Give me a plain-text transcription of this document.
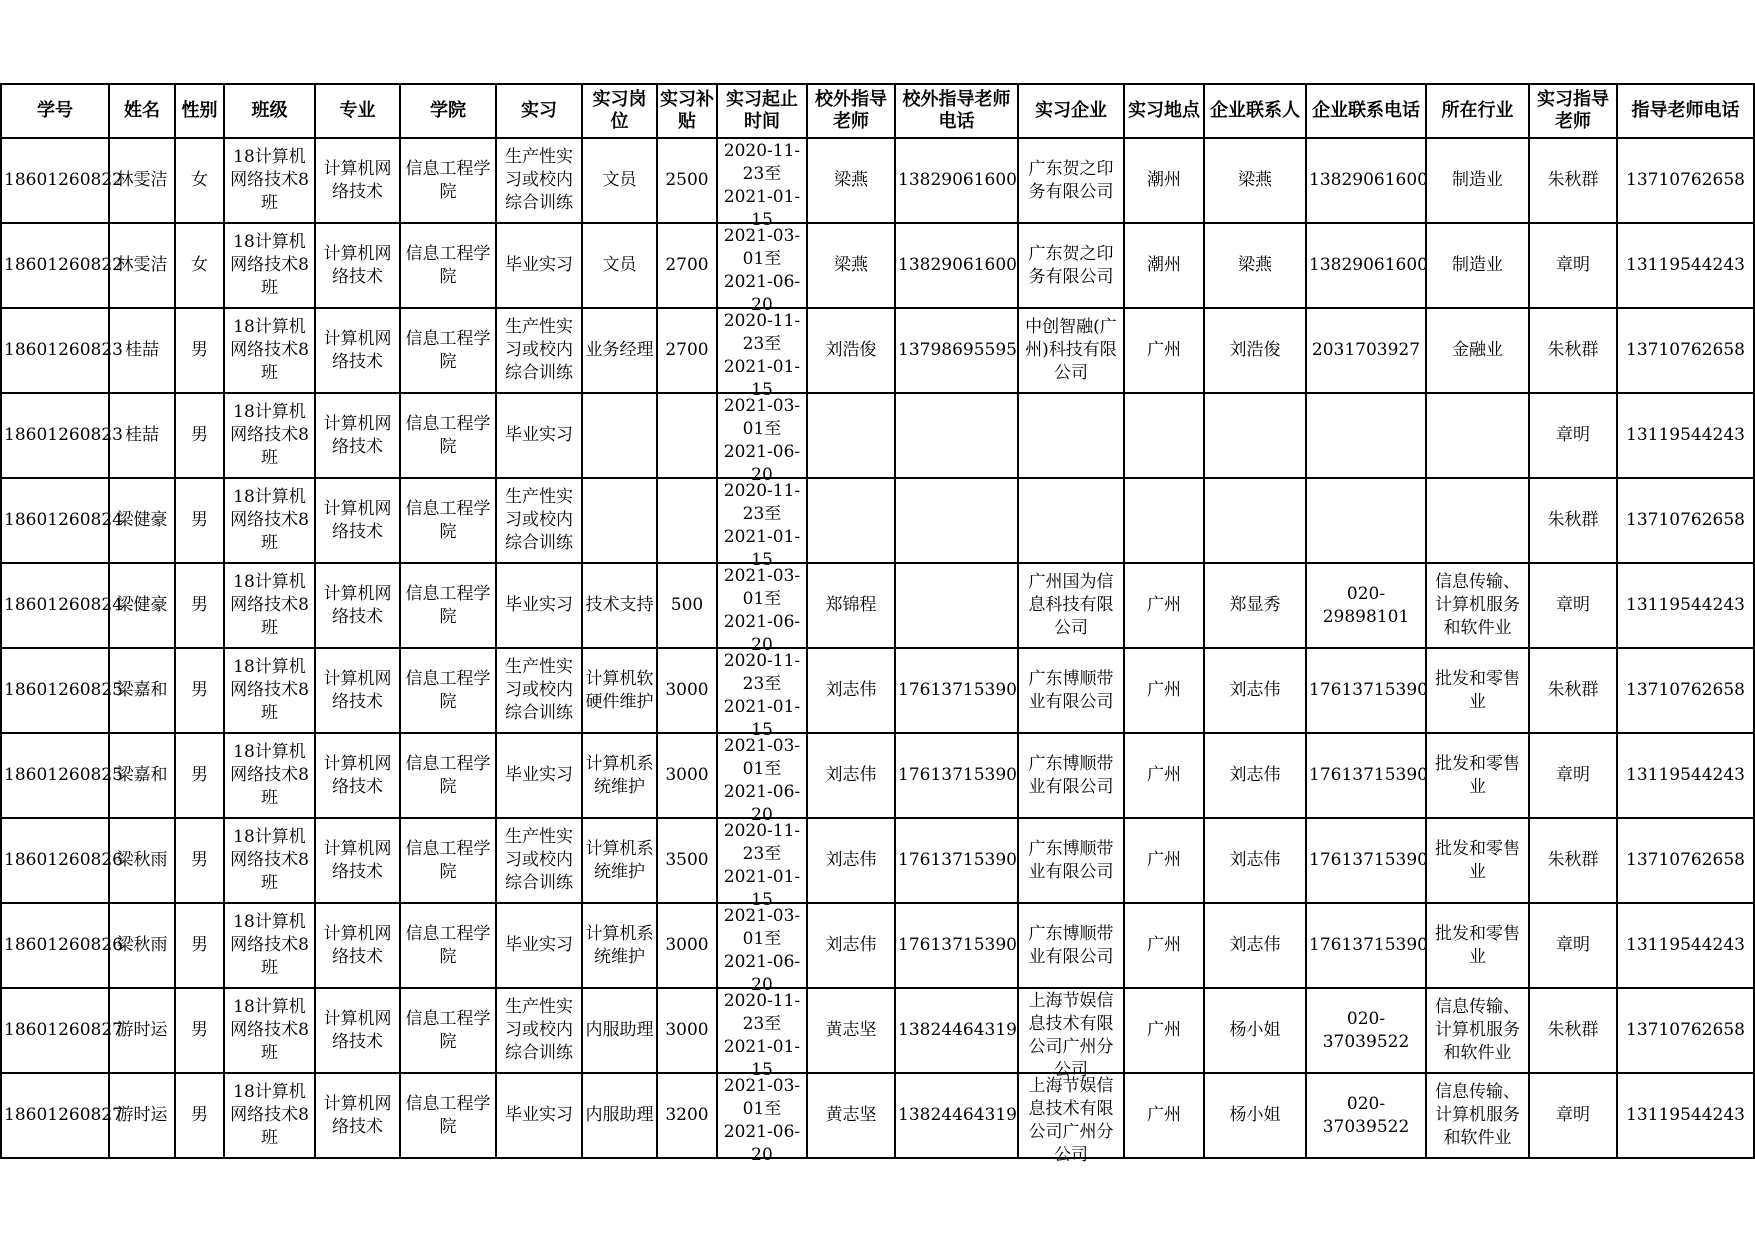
学号	姓名	性别	班级	专业	学院	实习	实习岗位	实习补贴	实习起止时间	校外指导老师	校外指导老师电话	实习企业	实习地点	企业联系人	企业联系电话	所在行业	实习指导老师	指导老师电话

18601260822	林雯洁	女	18计算机网络技术8班	计算机网络技术	信息工程学院	生产性实习或校内综合训练	文员	2500	2020-11-23至2021-01-15	梁燕	13829061600	广东贺之印务有限公司	潮州	梁燕	13829061600	制造业	朱秋群	13710762658

18601260822	林雯洁	女	18计算机网络技术8班	计算机网络技术	信息工程学院	毕业实习	文员	2700	2021-03-01至2021-06-20	梁燕	13829061600	广东贺之印务有限公司	潮州	梁燕	13829061600	制造业	章明	13119544243

18601260823	桂喆	男	18计算机网络技术8班	计算机网络技术	信息工程学院	生产性实习或校内综合训练	业务经理	2700	2020-11-23至2021-01-15	刘浩俊	13798695595	中创智融(广州)科技有限公司	广州	刘浩俊	2031703927	金融业	朱秋群	13710762658

18601260823	桂喆	男	18计算机网络技术8班	计算机网络技术	信息工程学院	毕业实习			2021-03-01至2021-06-20								章明	13119544243

18601260824	梁健豪	男	18计算机网络技术8班	计算机网络技术	信息工程学院	生产性实习或校内综合训练			2020-11-23至2021-01-15								朱秋群	13710762658

18601260824	梁健豪	男	18计算机网络技术8班	计算机网络技术	信息工程学院	毕业实习	技术支持	500	2021-03-01至2021-06-20	郑锦程		广州国为信息科技有限公司	广州	郑显秀	020-29898101	信息传输、计算机服务和软件业	章明	13119544243

18601260825	梁嘉和	男	18计算机网络技术8班	计算机网络技术	信息工程学院	生产性实习或校内综合训练	计算机软硬件维护	3000	2020-11-23至2021-01-15	刘志伟	17613715390	广东博顺带业有限公司	广州	刘志伟	17613715390	批发和零售业	朱秋群	13710762658

18601260825	梁嘉和	男	18计算机网络技术8班	计算机网络技术	信息工程学院	毕业实习	计算机系统维护	3000	2021-03-01至2021-06-20	刘志伟	17613715390	广东博顺带业有限公司	广州	刘志伟	17613715390	批发和零售业	章明	13119544243

18601260826	梁秋雨	男	18计算机网络技术8班	计算机网络技术	信息工程学院	生产性实习或校内综合训练	计算机系统维护	3500	2020-11-23至2021-01-15	刘志伟	17613715390	广东博顺带业有限公司	广州	刘志伟	17613715390	批发和零售业	朱秋群	13710762658

18601260826	梁秋雨	男	18计算机网络技术8班	计算机网络技术	信息工程学院	毕业实习	计算机系统维护	3000	2021-03-01至2021-06-20	刘志伟	17613715390	广东博顺带业有限公司	广州	刘志伟	17613715390	批发和零售业	章明	13119544243

18601260827	游时运	男	18计算机网络技术8班	计算机网络技术	信息工程学院	生产性实习或校内综合训练	内服助理	3000	2020-11-23至2021-01-15	黄志坚	13824464319	上海节娱信息技术有限公司广州分公司	广州	杨小姐	020-37039522	信息传输、计算机服务和软件业	朱秋群	13710762658

18601260827	游时运	男	18计算机网络技术8班	计算机网络技术	信息工程学院	毕业实习	内服助理	3200	2021-03-01至2021-06-20	黄志坚	13824464319	上海节娱信息技术有限公司广州分公司	广州	杨小姐	020-37039522	信息传输、计算机服务和软件业	章明	13119544243
